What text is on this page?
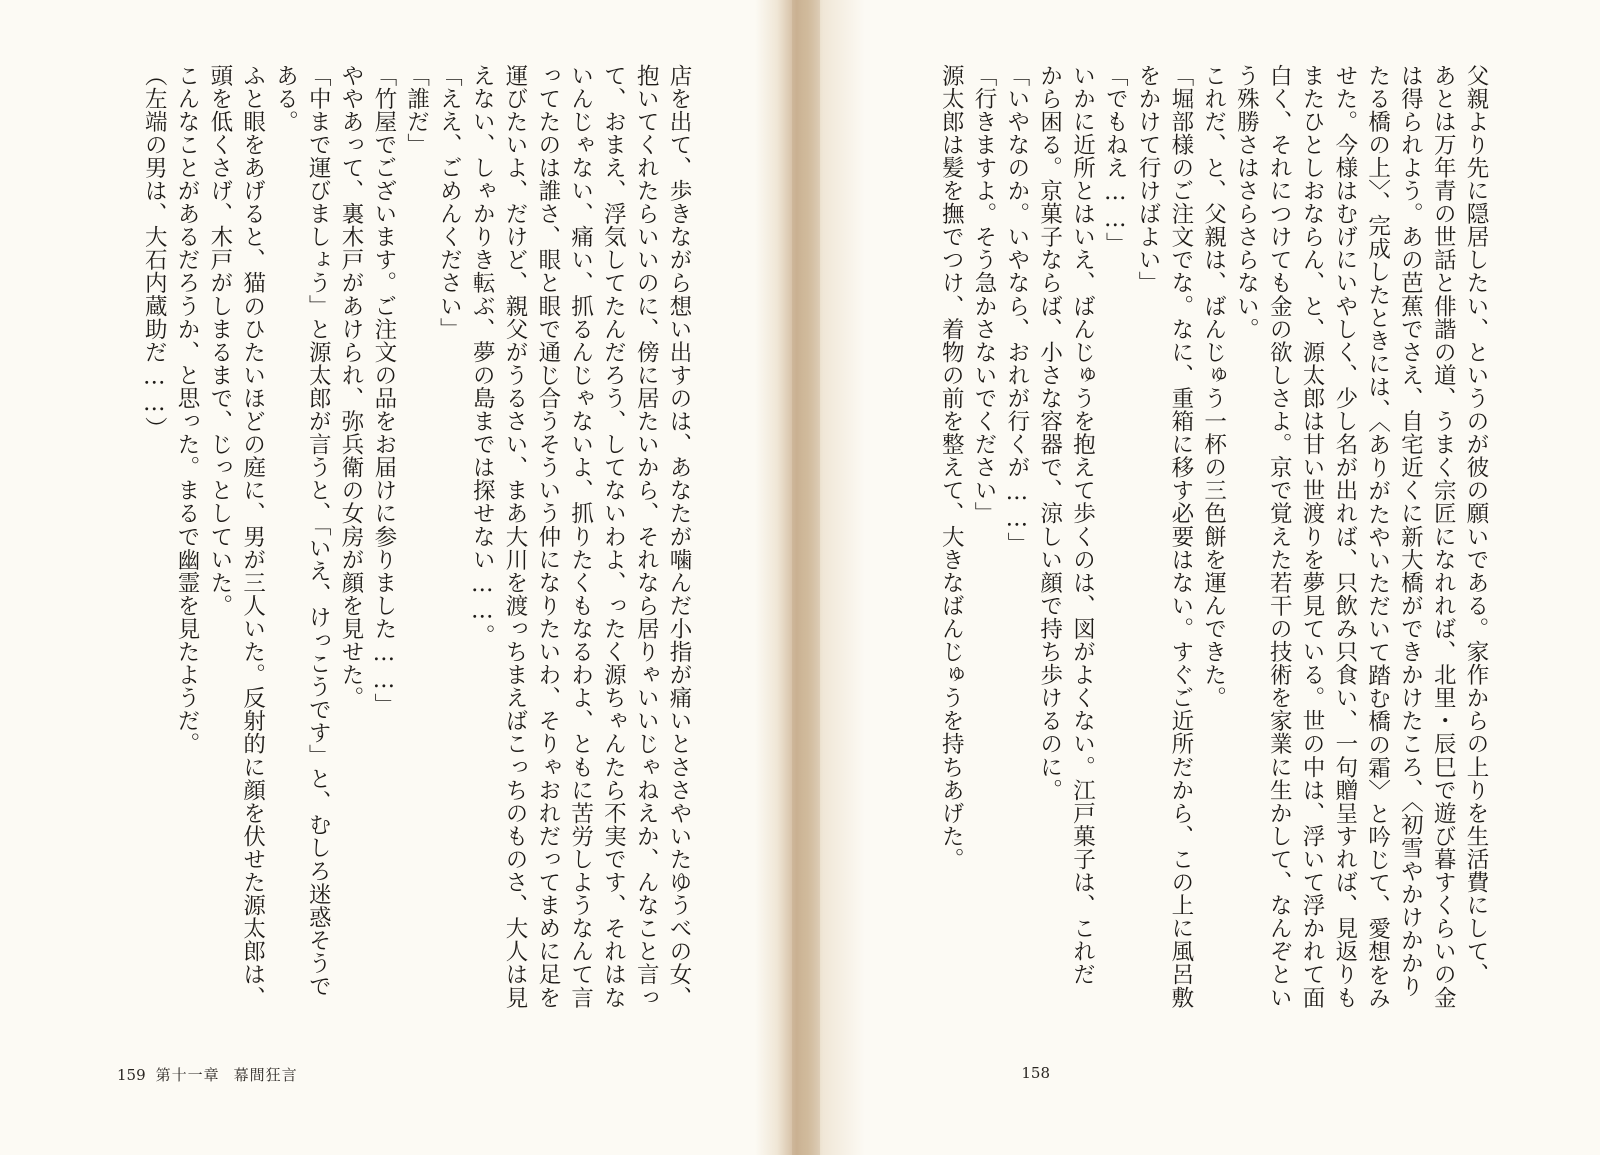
店を出て、歩きながら想い出すのは、あなたが噛んだ小指が痛いとささやいたゆうべの女、
抱いてくれたらいいのに、傍に居たいから、それなら居りゃいいじゃねえか、んなこと言っ
て、おまえ、浮気してたんだろう、してないわよ、ったく源ちゃんたら不実です、それはな
いんじゃない、痛い、抓るんじゃないよ、抓りたくもなるわよ、ともに苦労しようなんて言
ってたのは誰さ、眼と眼で通じ合うそういう仲になりたいわ、そりゃおれだってまめに足を
運びたいよ、だけど、親父がうるさい、まあ大川を渡っちまえばこっちのものさ、大人は見
えない、しゃかりき転ぶ、夢の島までは探せない……。
「ええ、ごめんください」
「誰だ」
「竹屋でございます。ご注文の品をお届けに参りました……」
ややあって、裏木戸があけられ、弥兵衛の女房が顔を見せた。
「中まで運びましょう」と源太郎が言うと、「いえ、けっこうです」と、むしろ迷惑そうで
ある。
ふと眼をあげると、猫のひたいほどの庭に、男が三人いた。反射的に顔を伏せた源太郎は、
頭を低くさげ、木戸がしまるまで、じっとしていた。
こんなことがあるだろうか、と思った。まるで幽霊を見たようだ。
（左端の男は、大石内蔵助だ……）
159 第十一章 幕間狂言
父親より先に隠居したい、というのが彼の願いである。家作からの上りを生活費にして、
あとは万年青の世話と俳諧の道、うまく宗匠になれれば、北里・辰巳で遊び暮すくらいの金
は得られよう。あの芭蕉でさえ、自宅近くに新大橋ができかけたころ、〈初雪やかけかかり
たる橋の上〉、完成したときには、〈ありがたやいただいて踏む橋の霜〉と吟じて、愛想をみ
せた。今様はむげにいやしく、少し名が出れば、只飲み只食い、一句贈呈すれば、見返りも
またひとしおならん、と、源太郎は甘い世渡りを夢見ている。世の中は、浮いて浮かれて面
白く、それにつけても金の欲しさよ。京で覚えた若干の技術を家業に生かして、なんぞとい
う殊勝さはさらさらない。
これだ、と、父親は、ばんじゅう一杯の三色餅を運んできた。
「堀部様のご注文でな。なに、重箱に移す必要はない。すぐご近所だから、この上に風呂敷
をかけて行けばよい」
「でもねえ……」
いかに近所とはいえ、ばんじゅうを抱えて歩くのは、図がよくない。江戸菓子は、これだ
から困る。京菓子ならば、小さな容器で、涼しい顔で持ち歩けるのに。
「いやなのか。いやなら、おれが行くが……」
「行きますよ。そう急かさないでください」
源太郎は髪を撫でつけ、着物の前を整えて、大きなばんじゅうを持ちあげた。
158
